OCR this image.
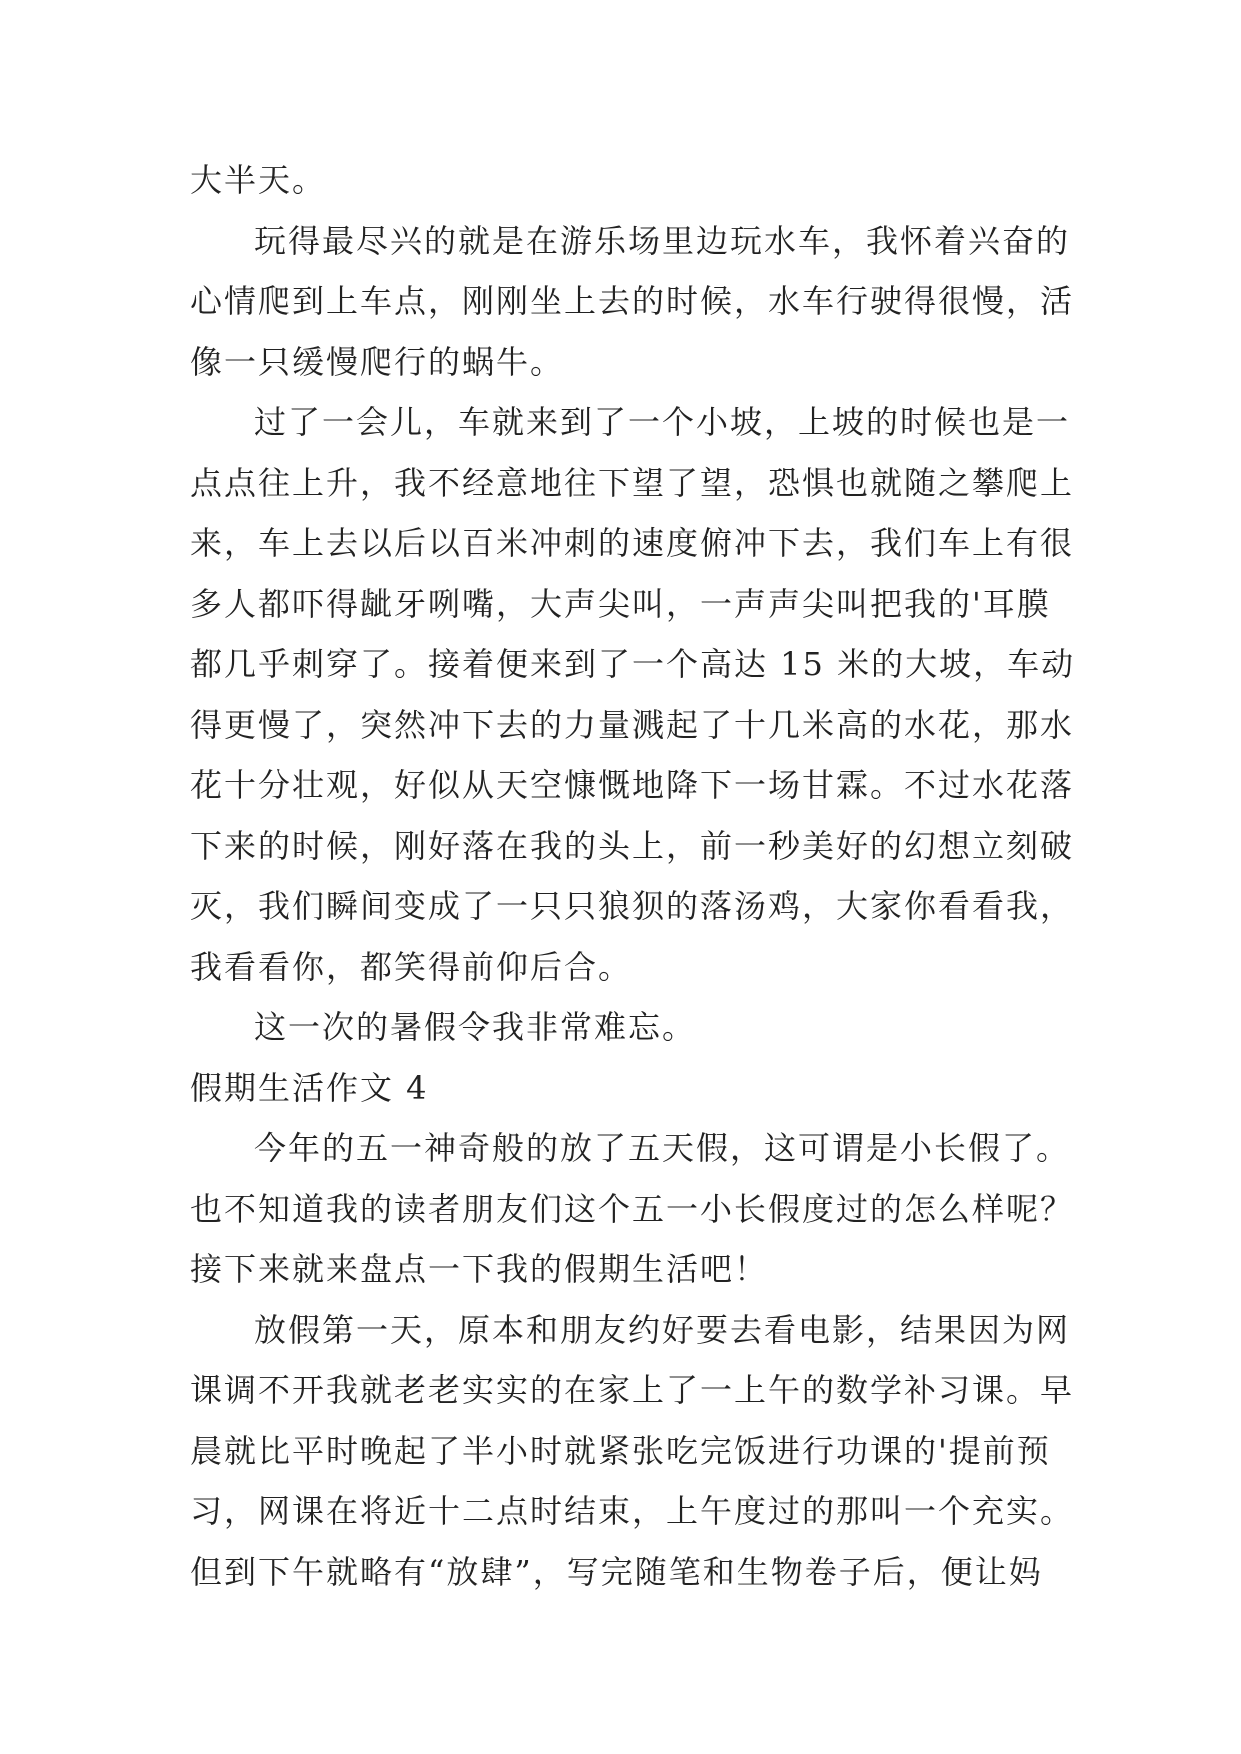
大半天。
玩得最尽兴的就是在游乐场里边玩水车，我怀着兴奋的
心情爬到上车点，刚刚坐上去的时候，水车行驶得很慢，活
像一只缓慢爬行的蜗牛。
过了一会儿，车就来到了一个小坡，上坡的时候也是一
点点往上升，我不经意地往下望了望，恐惧也就随之攀爬上
来，车上去以后以百米冲刺的速度俯冲下去，我们车上有很
多人都吓得龇牙咧嘴，大声尖叫，一声声尖叫把我的'耳膜
都几乎刺穿了。接着便来到了一个高达 15 米的大坡，车动
得更慢了，突然冲下去的力量溅起了十几米高的水花，那水
花十分壮观，好似从天空慷慨地降下一场甘霖。不过水花落
下来的时候，刚好落在我的头上，前一秒美好的幻想立刻破
灭，我们瞬间变成了一只只狼狈的落汤鸡，大家你看看我，
我看看你，都笑得前仰后合。
这一次的暑假令我非常难忘。
假期生活作文 4
今年的五一神奇般的放了五天假，这可谓是小长假了。
也不知道我的读者朋友们这个五一小长假度过的怎么样呢？
接下来就来盘点一下我的假期生活吧！
放假第一天，原本和朋友约好要去看电影，结果因为网
课调不开我就老老实实的在家上了一上午的数学补习课。早
晨就比平时晚起了半小时就紧张吃完饭进行功课的'提前预
习，网课在将近十二点时结束，上午度过的那叫一个充实。
但到下午就略有“放肆”，写完随笔和生物卷子后，便让妈
